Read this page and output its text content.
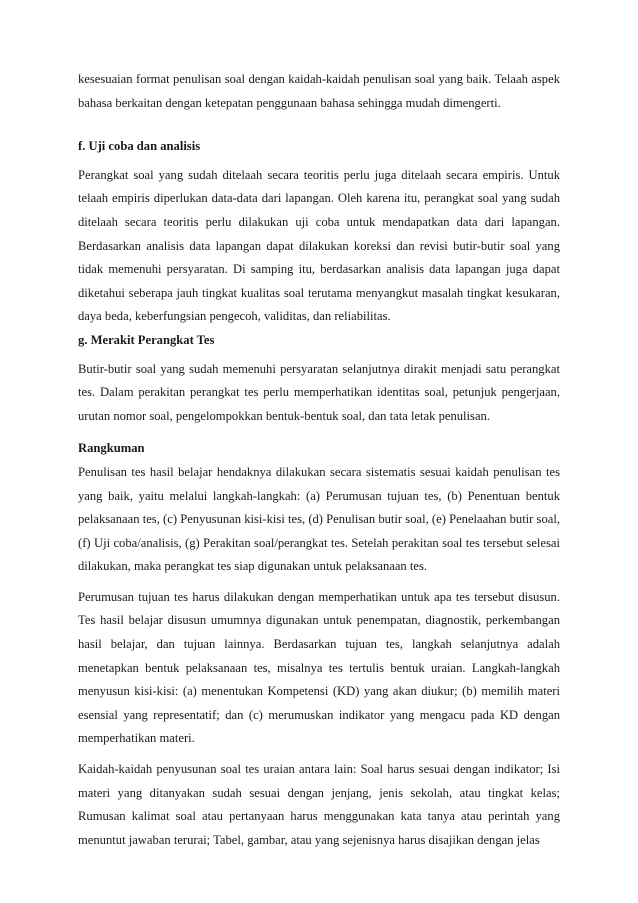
kesesuaian format penulisan soal dengan kaidah-kaidah penulisan soal yang baik. Telaah aspek bahasa berkaitan dengan ketepatan penggunaan bahasa sehingga mudah dimengerti.

f. Uji coba dan analisis

Perangkat soal yang sudah ditelaah secara teoritis perlu juga ditelaah secara empiris. Untuk telaah empiris diperlukan data-data dari lapangan. Oleh karena itu, perangkat soal yang sudah ditelaah secara teoritis perlu dilakukan uji coba untuk mendapatkan data dari lapangan. Berdasarkan analisis data lapangan dapat dilakukan koreksi dan revisi butir-butir soal yang tidak memenuhi persyaratan. Di samping itu, berdasarkan analisis data lapangan juga dapat diketahui seberapa jauh tingkat kualitas soal terutama menyangkut masalah tingkat kesukaran, daya beda, keberfungsian pengecoh, validitas, dan reliabilitas.

g. Merakit Perangkat Tes

Butir-butir soal yang sudah memenuhi persyaratan selanjutnya dirakit menjadi satu perangkat tes. Dalam perakitan perangkat tes perlu memperhatikan identitas soal, petunjuk pengerjaan, urutan nomor soal, pengelompokkan bentuk-bentuk soal, dan tata letak penulisan.

Rangkuman

Penulisan tes hasil belajar hendaknya dilakukan secara sistematis sesuai kaidah penulisan tes yang baik, yaitu melalui langkah-langkah: (a) Perumusan tujuan tes, (b) Penentuan bentuk pelaksanaan tes, (c) Penyusunan kisi-kisi tes, (d) Penulisan butir soal, (e) Penelaahan butir soal, (f) Uji coba/analisis, (g) Perakitan soal/perangkat tes. Setelah perakitan soal tes tersebut selesai dilakukan, maka perangkat tes siap digunakan untuk pelaksanaan tes.

Perumusan tujuan tes harus dilakukan dengan memperhatikan untuk apa tes tersebut disusun. Tes hasil belajar disusun umumnya digunakan untuk penempatan, diagnostik, perkembangan hasil belajar, dan tujuan lainnya. Berdasarkan tujuan tes, langkah selanjutnya adalah menetapkan bentuk pelaksanaan tes, misalnya tes tertulis bentuk uraian. Langkah-langkah menyusun kisi-kisi: (a) menentukan Kompetensi (KD) yang akan diukur; (b) memilih materi esensial yang representatif; dan (c) merumuskan indikator yang mengacu pada KD dengan memperhatikan materi.

Kaidah-kaidah penyusunan soal tes uraian antara lain: Soal harus sesuai dengan indikator; Isi materi yang ditanyakan sudah sesuai dengan jenjang, jenis sekolah, atau tingkat kelas; Rumusan kalimat soal atau pertanyaan harus menggunakan kata tanya atau perintah yang menuntut jawaban terurai; Tabel, gambar, atau yang sejenisnya harus disajikan dengan jelas
